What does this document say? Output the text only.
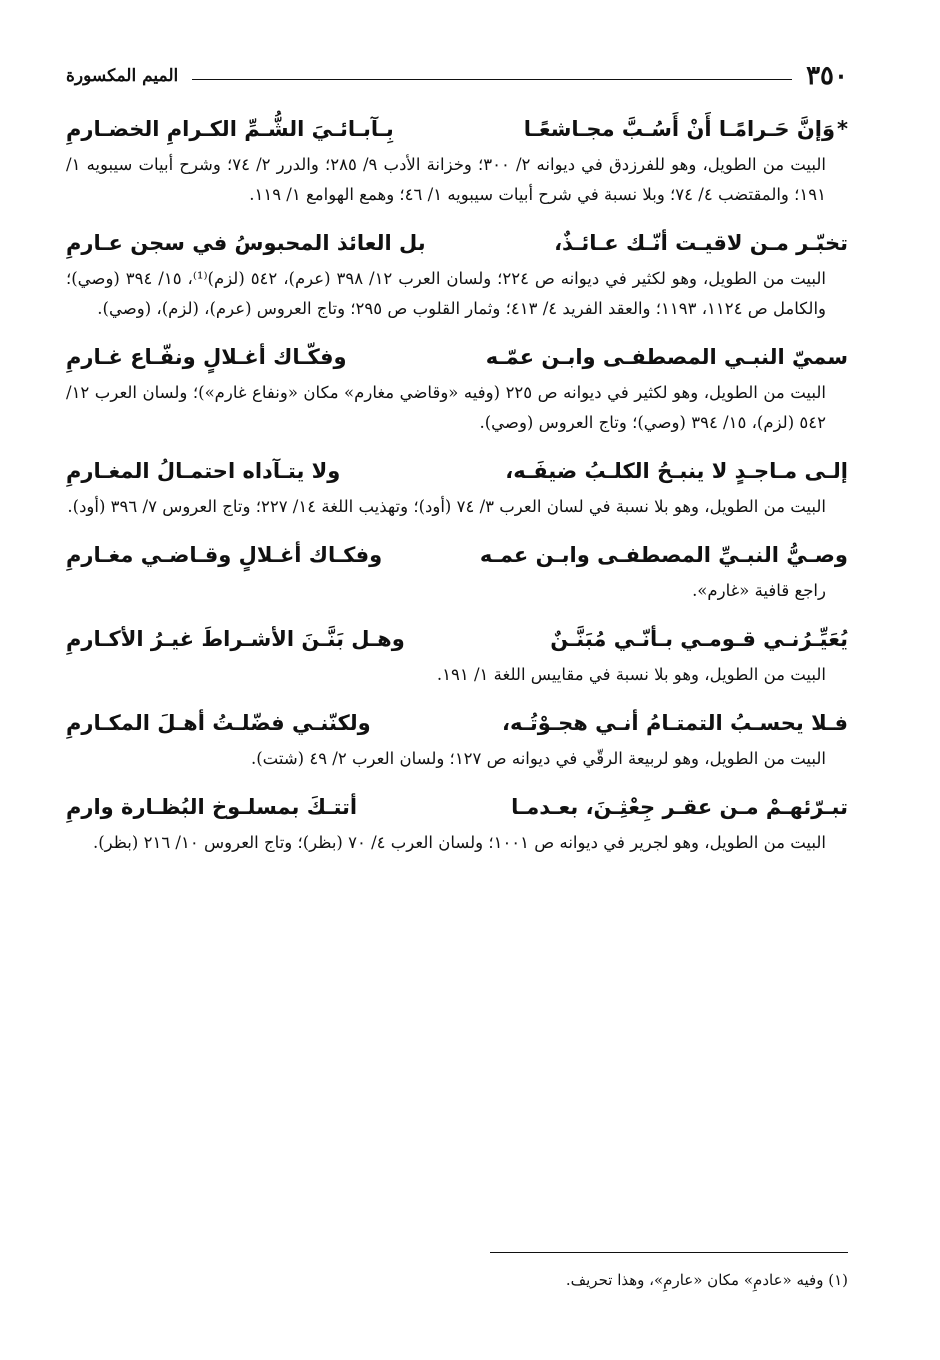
٣٥٠
الميم المكسورة
*
وَإنَّ حَـرامًـا أَنْ أَسُـبَّ مجـاشعًـا
بِـآبـائـيَ الشُّـمِّ الكـرامِ الخضـارمِ
البيت من الطويل، وهو للفرزدق في ديوانه ٢/ ٣٠٠؛ وخزانة الأدب ٩/ ٢٨٥؛ والدرر ٢/ ٧٤؛ وشرح أبيات سيبويه ١/ ١٩١؛ والمقتضب ٤/ ٧٤؛ وبلا نسبة في شرح أبيات سيبويه ١/ ٤٦؛ وهمع الهوامع ١/ ١١٩.
تخبّـر مـن لاقيـت أنّـك عـائـذٌ،
بل العائذ المحبوسُ في سجن عـارمِ
البيت من الطويل، وهو لكثير في ديوانه ص ٢٢٤؛ ولسان العرب ١٢/ ٣٩٨ (عرم)، ٥٤٢ (لزم)⁽¹⁾، ١٥/ ٣٩٤ (وصي)؛ والكامل ص ١١٢٤، ١١٩٣؛ والعقد الفريد ٤/ ٤١٣؛ وثمار القلوب ص ٢٩٥؛ وتاج العروس (عرم)، (لزم)، (وصي).
سميّ النبـي المصطفـى وابـن عمّـه
وفكّـاك أغـلالٍ ونفّـاع غـارمِ
البيت من الطويل، وهو لكثير في ديوانه ص ٢٢٥ (وفيه «وقاضي مغارم» مكان «ونفاع غارم»)؛ ولسان العرب ١٢/ ٥٤٢ (لزم)، ١٥/ ٣٩٤ (وصي)؛ وتاج العروس (وصي).
إلـى مـاجـدٍ لا ينبـحُ الكلـبُ ضيفَـه،
ولا يتـآداه احتمـالُ المغـارمِ
البيت من الطويل، وهو بلا نسبة في لسان العرب ٣/ ٧٤ (أود)؛ وتهذيب اللغة ١٤/ ٢٢٧؛ وتاج العروس ٧/ ٣٩٦ (أود).
وصـيُّ النبـيِّ المصطفـى وابـن عمـه
وفكـاك أغـلالٍ وقـاضـي مغـارمِ
راجع قافية «غارم».
يُعَيِّـرُنـي قـومـي بـأنّـي مُبَنَّـنٌ
وهـل بَنَّـنَ الأشـراطَ غيـرُ الأكـارمِ
البيت من الطويل، وهو بلا نسبة في مقاييس اللغة ١/ ١٩١.
فـلا يحسـبُ التمتـامُ أنـي هجـوْتُـه،
ولكنّنـي فضّلـتُ أهـلَ المكـارمِ
البيت من الطويل، وهو لربيعة الرقّي في ديوانه ص ١٢٧؛ ولسان العرب ٢/ ٤٩ (شتت).
تبـرّئهـمْ مـن عقـر جِعْثِـنَ، بعـدمـا
أتتـكَ بمسلـوخ البُظـارة وارمِ
البيت من الطويل، وهو لجرير في ديوانه ص ١٠٠١؛ ولسان العرب ٤/ ٧٠ (بظر)؛ وتاج العروس ١٠/ ٢١٦ (بظر).
(١) وفيه «عادمِ» مكان «عارمِ»، وهذا تحريف.
